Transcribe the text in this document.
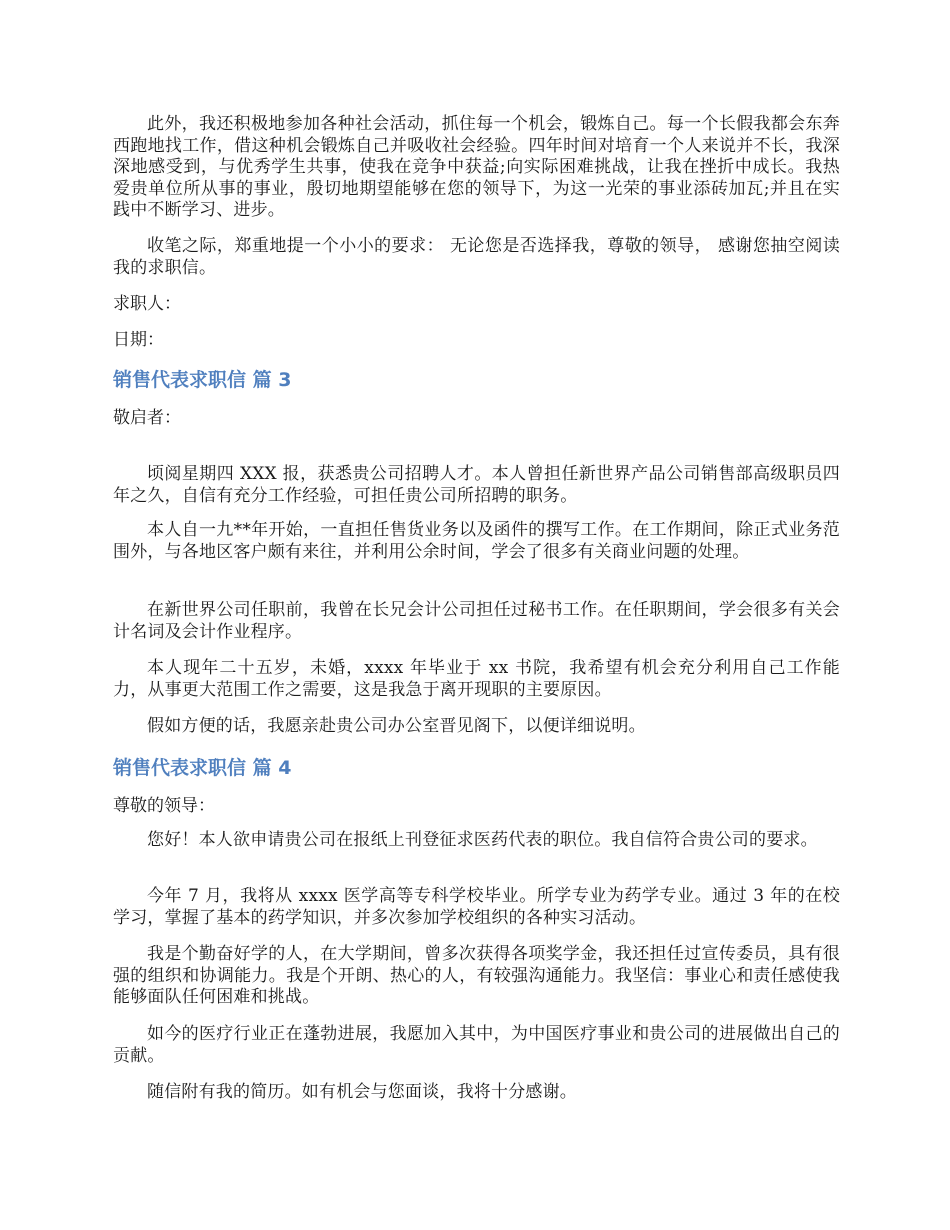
此外，我还积极地参加各种社会活动，抓住每一个机会，锻炼自己。每一个长假我都会东奔西跑地找工作，借这种机会锻炼自己并吸收社会经验。四年时间对培育一个人来说并不长，我深深地感受到，与优秀学生共事，使我在竞争中获益;向实际困难挑战，让我在挫折中成长。我热爱贵单位所从事的事业，殷切地期望能够在您的领导下，为这一光荣的事业添砖加瓦;并且在实践中不断学习、进步。

收笔之际，郑重地提一个小小的要求： 无论您是否选择我，尊敬的领导， 感谢您抽空阅读我的求职信。

求职人：

日期：

销售代表求职信 篇 3

敬启者：

顷阅星期四 XXX 报，获悉贵公司招聘人才。本人曾担任新世界产品公司销售部高级职员四年之久，自信有充分工作经验，可担任贵公司所招聘的职务。

本人自一九**年开始，一直担任售货业务以及函件的撰写工作。在工作期间，除正式业务范围外，与各地区客户颇有来往，并利用公余时间，学会了很多有关商业问题的处理。

在新世界公司任职前，我曾在长兄会计公司担任过秘书工作。在任职期间，学会很多有关会计名词及会计作业程序。

本人现年二十五岁，未婚，xxxx 年毕业于 xx 书院，我希望有机会充分利用自己工作能力，从事更大范围工作之需要，这是我急于离开现职的主要原因。

假如方便的话，我愿亲赴贵公司办公室晋见阁下，以便详细说明。

销售代表求职信 篇 4

尊敬的领导：

您好！本人欲申请贵公司在报纸上刊登征求医药代表的职位。我自信符合贵公司的要求。

今年 7 月，我将从 xxxx 医学高等专科学校毕业。所学专业为药学专业。通过 3 年的在校学习，掌握了基本的药学知识，并多次参加学校组织的各种实习活动。

我是个勤奋好学的人，在大学期间，曾多次获得各项奖学金，我还担任过宣传委员，具有很强的组织和协调能力。我是个开朗、热心的人，有较强沟通能力。我坚信：事业心和责任感使我能够面队任何困难和挑战。

如今的医疗行业正在蓬勃进展，我愿加入其中，为中国医疗事业和贵公司的进展做出自己的贡献。

随信附有我的简历。如有机会与您面谈，我将十分感谢。
